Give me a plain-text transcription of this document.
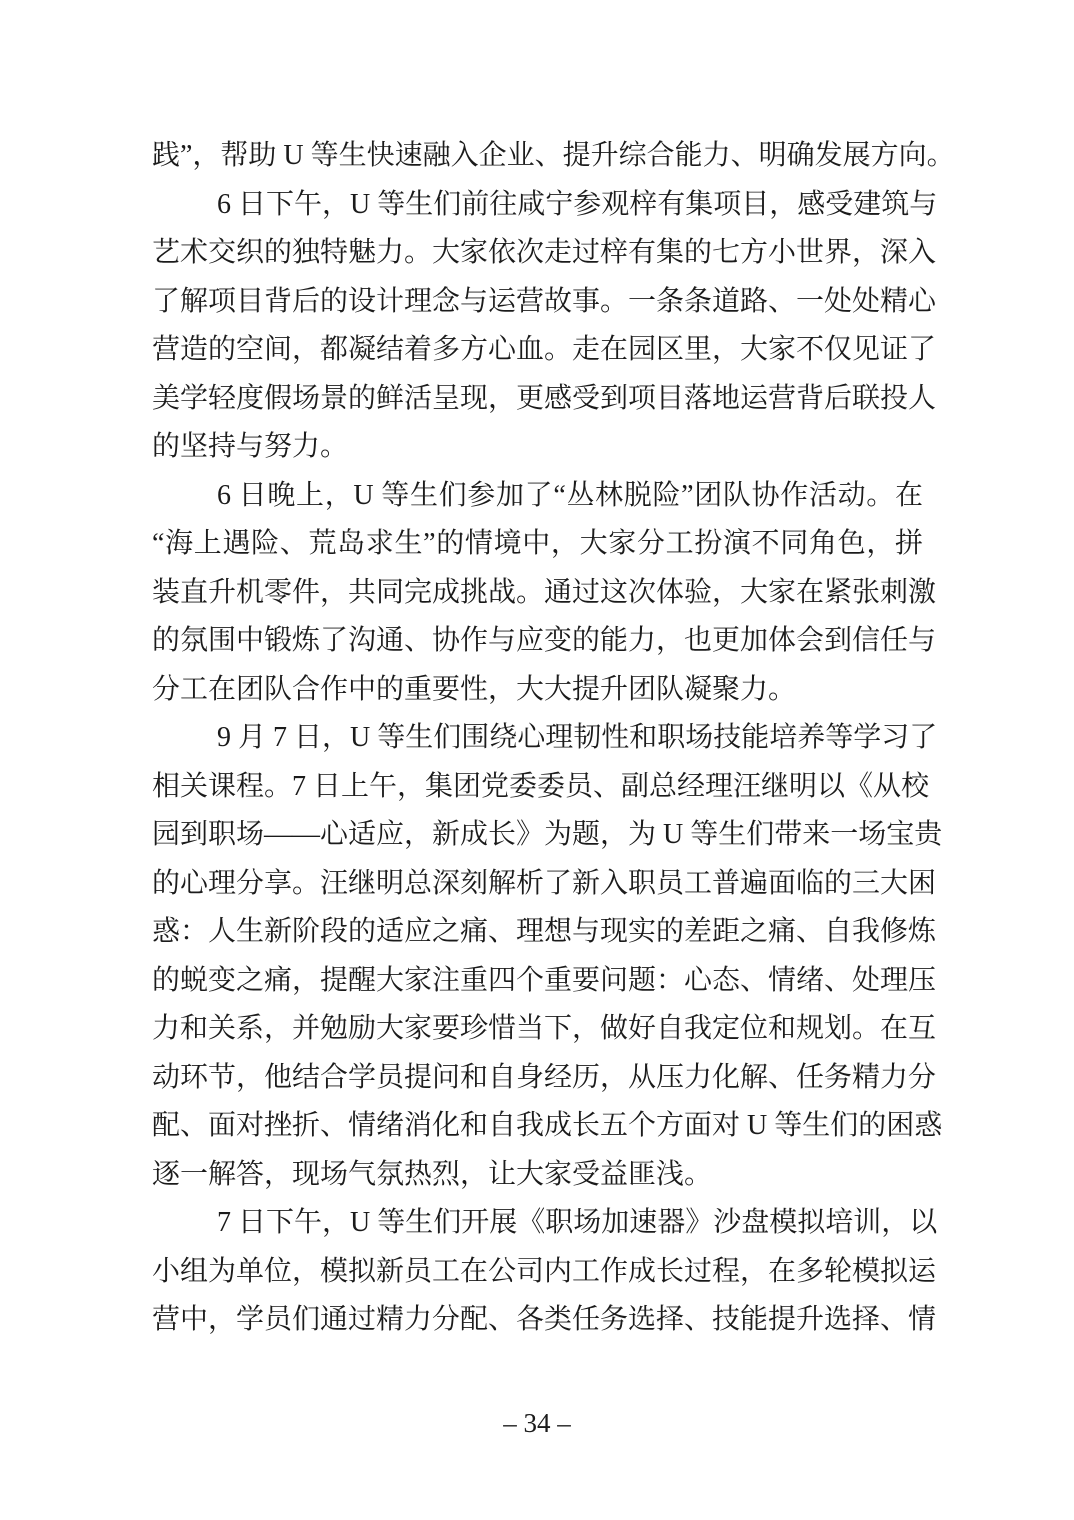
践”，帮助 U 等生快速融入企业、提升综合能力、明确发展方向。
6 日下午，U 等生们前往咸宁参观梓有集项目，感受建筑与
艺术交织的独特魅力。大家依次走过梓有集的七方小世界，深入
了解项目背后的设计理念与运营故事。一条条道路、一处处精心
营造的空间，都凝结着多方心血。走在园区里，大家不仅见证了
美学轻度假场景的鲜活呈现，更感受到项目落地运营背后联投人
的坚持与努力。
6 日晚上，U 等生们参加了“丛林脱险”团队协作活动。在
“海上遇险、荒岛求生”的情境中，大家分工扮演不同角色，拼
装直升机零件，共同完成挑战。通过这次体验，大家在紧张刺激
的氛围中锻炼了沟通、协作与应变的能力，也更加体会到信任与
分工在团队合作中的重要性，大大提升团队凝聚力。
9 月 7 日，U 等生们围绕心理韧性和职场技能培养等学习了
相关课程。7 日上午，集团党委委员、副总经理汪继明以《从校
园到职场——心适应，新成长》为题，为 U 等生们带来一场宝贵
的心理分享。汪继明总深刻解析了新入职员工普遍面临的三大困
惑：人生新阶段的适应之痛、理想与现实的差距之痛、自我修炼
的蜕变之痛，提醒大家注重四个重要问题：心态、情绪、处理压
力和关系，并勉励大家要珍惜当下，做好自我定位和规划。在互
动环节，他结合学员提问和自身经历，从压力化解、任务精力分
配、面对挫折、情绪消化和自我成长五个方面对 U 等生们的困惑
逐一解答，现场气氛热烈，让大家受益匪浅。
7 日下午，U 等生们开展《职场加速器》沙盘模拟培训，以
小组为单位，模拟新员工在公司内工作成长过程，在多轮模拟运
营中，学员们通过精力分配、各类任务选择、技能提升选择、情
– 34 –
